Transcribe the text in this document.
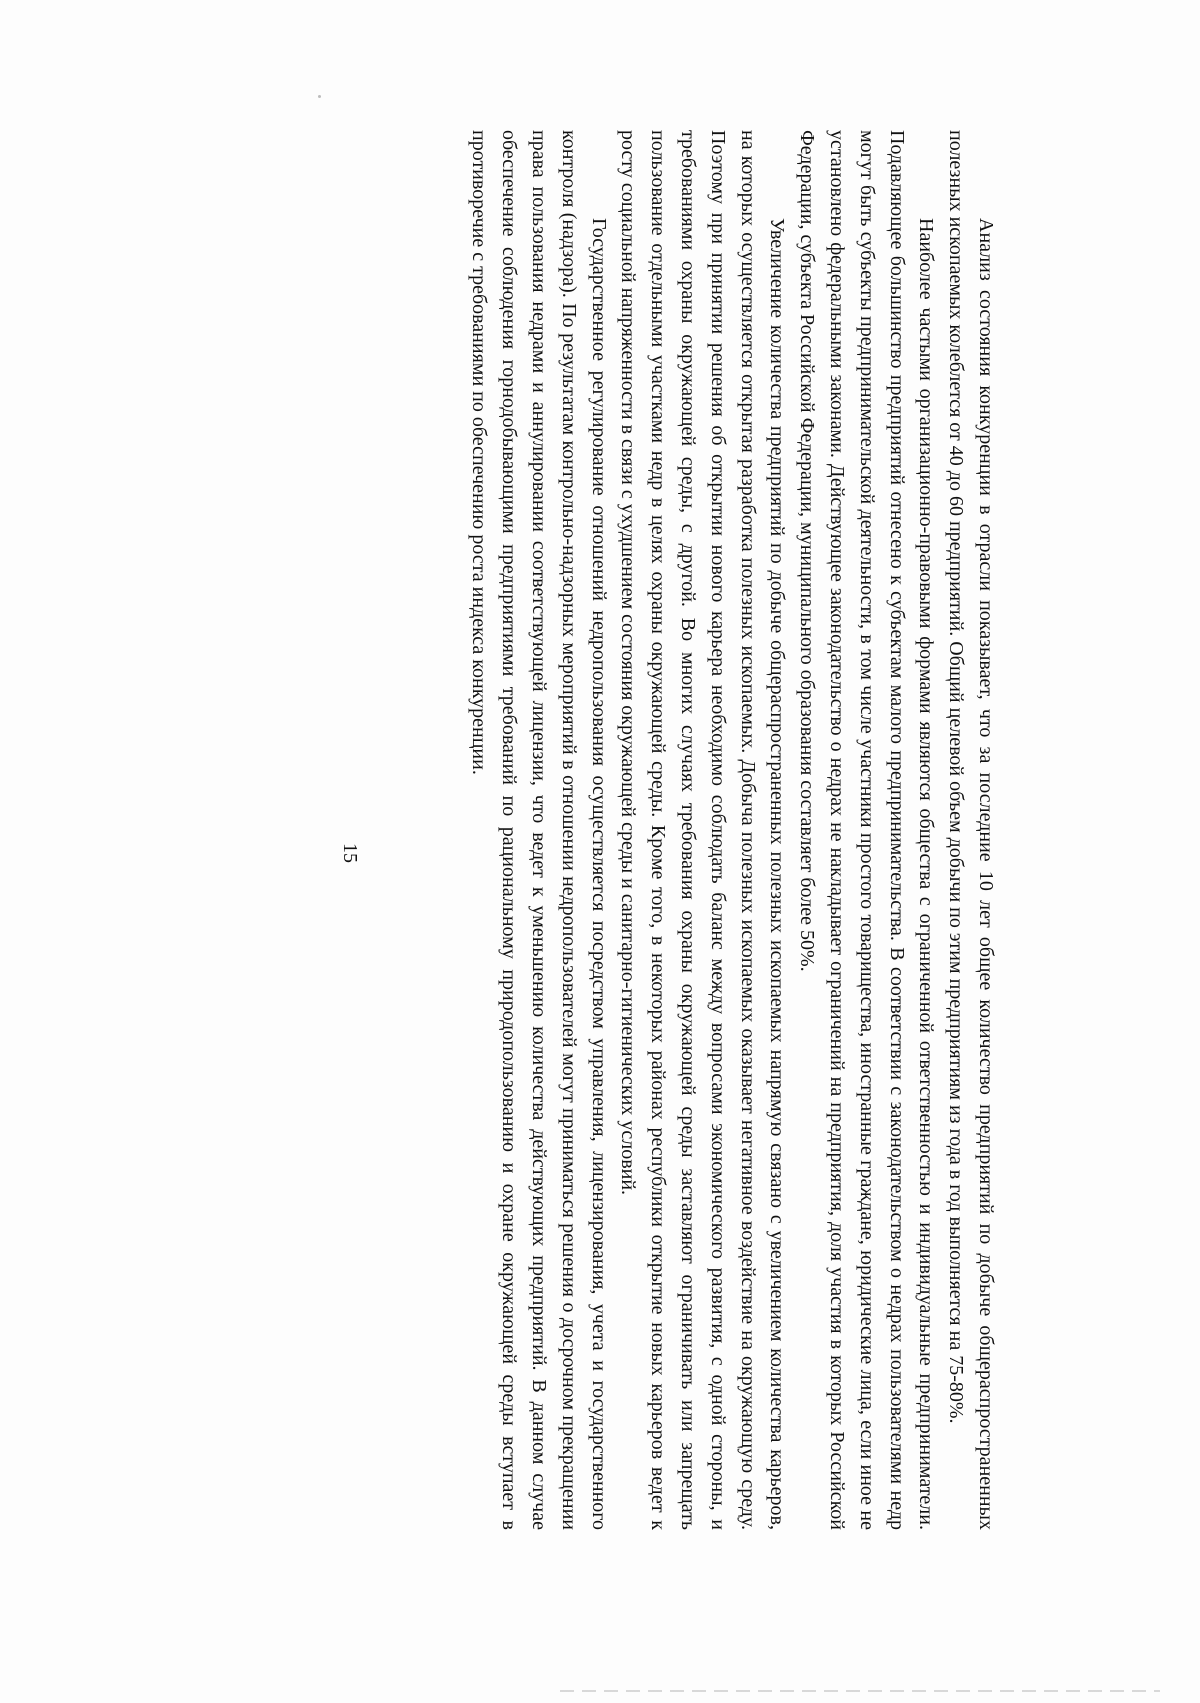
15	Анализ состояния конкуренции в отрасли показывает, что за последние 10 лет общее количество предприятий по добыче общераспространенных полезных ископаемых колеблется от 40 до 60 предприятий. Общий целевой объем добычи по этим предприятиям из года в год выполняется на 75-80%.

Наиболее частыми организационно-правовыми формами являются общества с ограниченной ответственностью и индивидуальные предприниматели. Подавляющее большинство предприятий отнесено к субъектам малого предпринимательства. В соответствии с законодательством о недрах пользователями недр могут быть субъекты предпринимательской деятельности, в том числе участники простого товарищества, иностранные граждане, юридические лица, если иное не установлено федеральными законами. Действующее законодательство о недрах не накладывает ограничений на предприятия, доля участия в которых Российской Федерации, субъекта Российской Федерации, муниципального образования составляет более 50%.

Увеличение количества предприятий по добыче общераспространенных полезных ископаемых напрямую связано с увеличением количества карьеров, на которых осуществляется открытая разработка полезных ископаемых. Добыча полезных ископаемых оказывает негативное воздействие на окружающую среду. Поэтому при принятии решения об открытии нового карьера необходимо соблюдать баланс между вопросами экономического развития, с одной стороны, и требованиями охраны окружающей среды, с другой. Во многих случаях требования охраны окружающей среды заставляют ограничивать или запрещать пользование отдельными участками недр в целях охраны окружающей среды. Кроме того, в некоторых районах республики открытие новых карьеров ведет к росту социальной напряженности в связи с ухудшением состояния окружающей среды и санитарно-гигиенических условий.

Государственное регулирование отношений недропользования осуществляется посредством управления, лицензирования, учета и государственного контроля (надзора). По результатам контрольно-надзорных мероприятий в отношении недропользователей могут приниматься решения о досрочном прекращении права пользования недрами и аннулировании соответствующей лицензии, что ведет к уменьшению количества действующих предприятий. В данном случае обеспечение соблюдения горнодобывающими предприятиями требований по рациональному природопользованию и охране окружающей среды вступает в противоречие с требованиями по обеспечению роста индекса конкуренции.
